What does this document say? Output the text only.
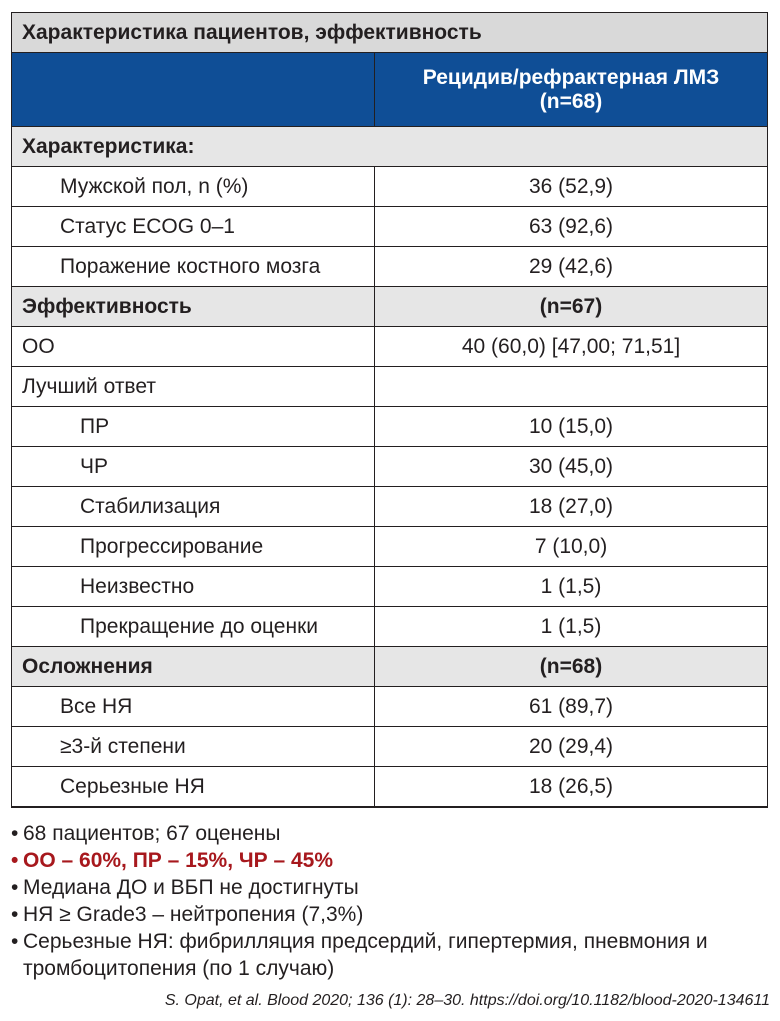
Характеристика пациентов, эффективность	

	Рецидив/рефрактерная ЛМЗ
(n=68)

Характеристика:	
Мужской пол, n (%)	36 (52,9)
Статус ECOG 0–1	63 (92,6)
Поражение костного мозга	29 (42,6)
Эффективность	(n=67)
ОО	40 (60,0) [47,00; 71,51]
Лучший ответ	
ПР	10 (15,0)
ЧР	30 (45,0)
Стабилизация	18 (27,0)
Прогрессирование	7 (10,0)
Неизвестно	1 (1,5)
Прекращение до оценки	1 (1,5)
Осложнения	(n=68)
Все НЯ	61 (89,7)
≥3-й степени	20 (29,4)
Серьезные НЯ	18 (26,5)
• 68 пациентов; 67 оценены
• ОО – 60%, ПР – 15%, ЧР – 45%
• Медиана ДО и ВБП не достигнуты
• НЯ ≥ Grade3 – нейтропения (7,3%)
• Серьезные НЯ: фибрилляция предсердий, гипертермия, пневмония и тромбоцитопения (по 1 случаю)
S. Opat, et al. Blood 2020; 136 (1): 28–30. https://doi.org/10.1182/blood-2020-134611
